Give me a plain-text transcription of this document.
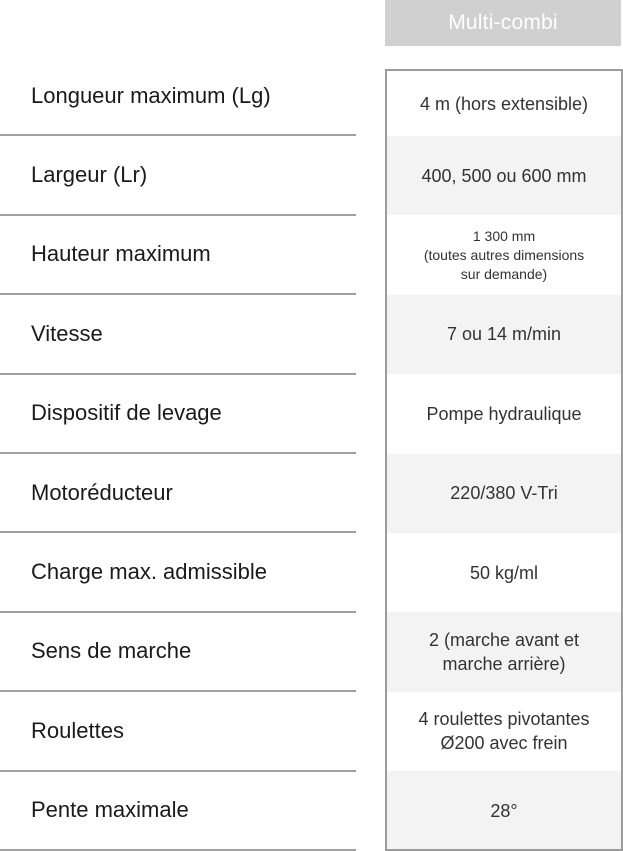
Multi-combi
Longueur maximum (Lg)
Largeur (Lr)
Hauteur maximum
Vitesse
Dispositif de levage
Motoréducteur
Charge max. admissible
Sens de marche
Roulettes
Pente maximale
4 m (hors extensible)
400, 500 ou 600 mm
1 300 mm
(toutes autres dimensions
sur demande)
7 ou 14 m/min
Pompe hydraulique
220/380 V-Tri
50 kg/ml
2 (marche avant et
marche arrière)
4 roulettes pivotantes
Ø200 avec frein
28°
